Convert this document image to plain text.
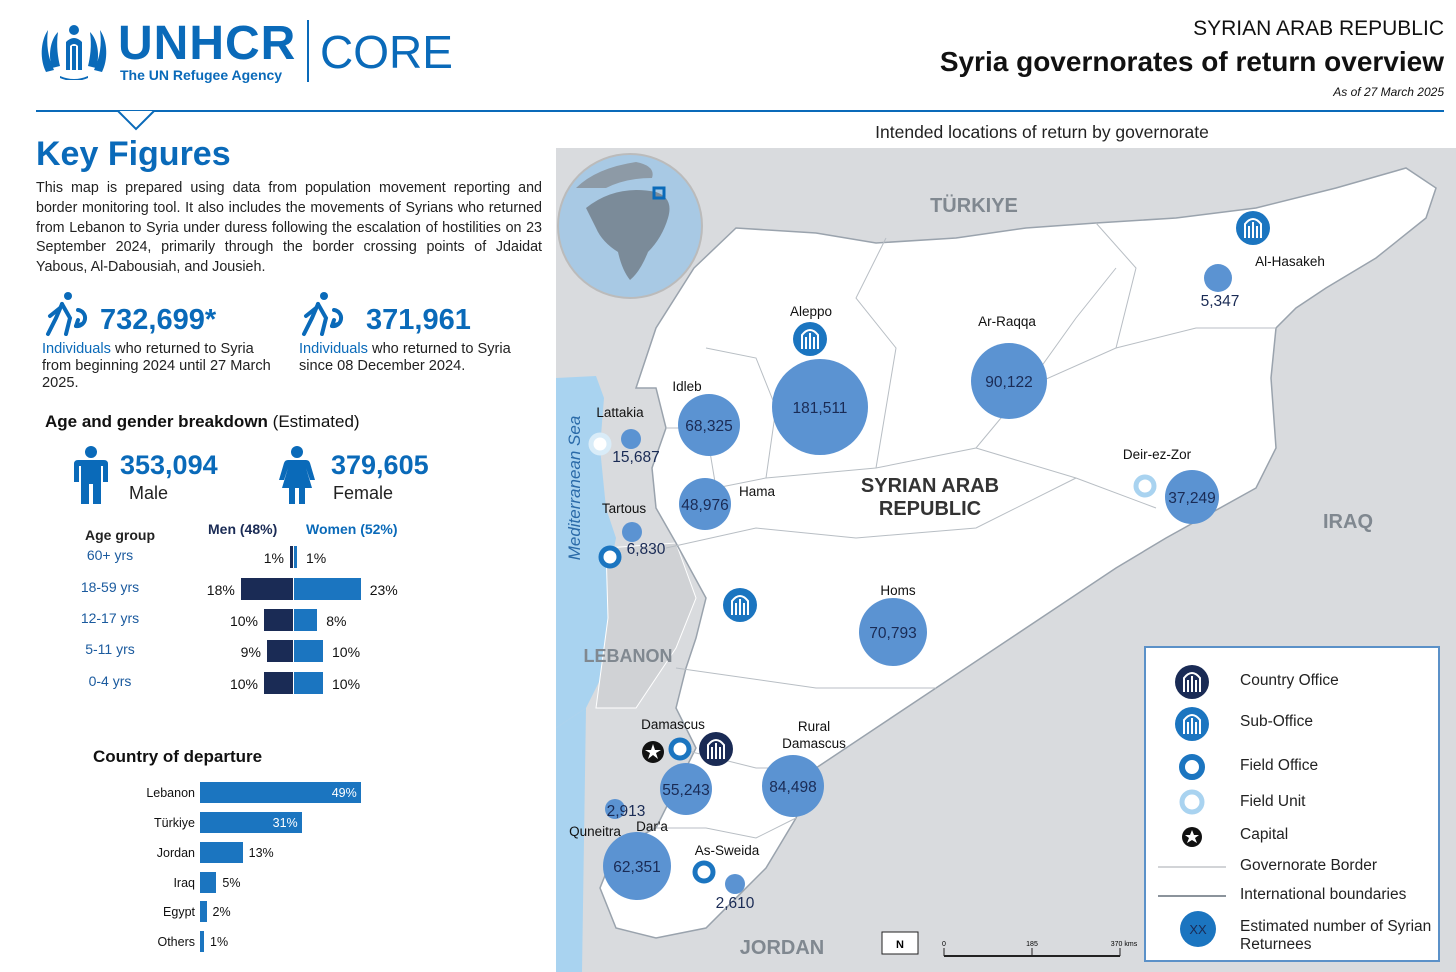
UNHCR
The UN Refugee Agency CORE	SYRIAN ARAB REPUBLIC
Syria governorates of return overview
As of 27 March 2025
Key Figures
This map is prepared using data from population movement reporting and border monitoring tool. It also includes the movements of Syrians who returned from Lebanon to Syria under duress following the escalation of hostilities on 23 September 2024, primarily through the border crossing points of Jdaidat Yabous, Al-Dabousiah, and Jousieh.
732,699*
Individuals who returned to Syria from beginning 2024 until 27 March 2025.
371,961
Individuals who returned to Syria since 08 December 2024.
Age and gender breakdown (Estimated)
353,094
Male
379,605
Female
Age group	Men (48%) Women (52%)
60+ yrs	1% 1%
18-59 yrs	18%	23%
12-17 yrs	10%	8%
5-11 yrs	9%	10%
0-4 yrs	10%	10%
Country of departure
Lebanon	49%
Türkiye	31%
Jordan	13%
Iraq 5%
Egypt 2%
Others 1%
Intended locations of return by governorate
TÜRKIYE
IRAQ
LEBANON
JORDAN
SYRIAN ARAB
REPUBLIC
Mediterranean Sea
5,347
Al-Hasakeh
181,511
Aleppo
90,122
Ar-Raqqa
68,325
Idleb
15,687
Lattakia
37,249
Deir-ez-Zor
48,976
Hama
6,830
Tartous
70,793
Homs
55,243
Damascus
84,498
Rural
Damascus
2,913
Quneitra
62,351
Dar'a
2,610
As-Sweida
N	0	185	370 kms
XX
Country Office
Sub-Office
Field Office
Field Unit
Capital
Governorate Border
International boundaries
Estimated number of Syrian Returnees
